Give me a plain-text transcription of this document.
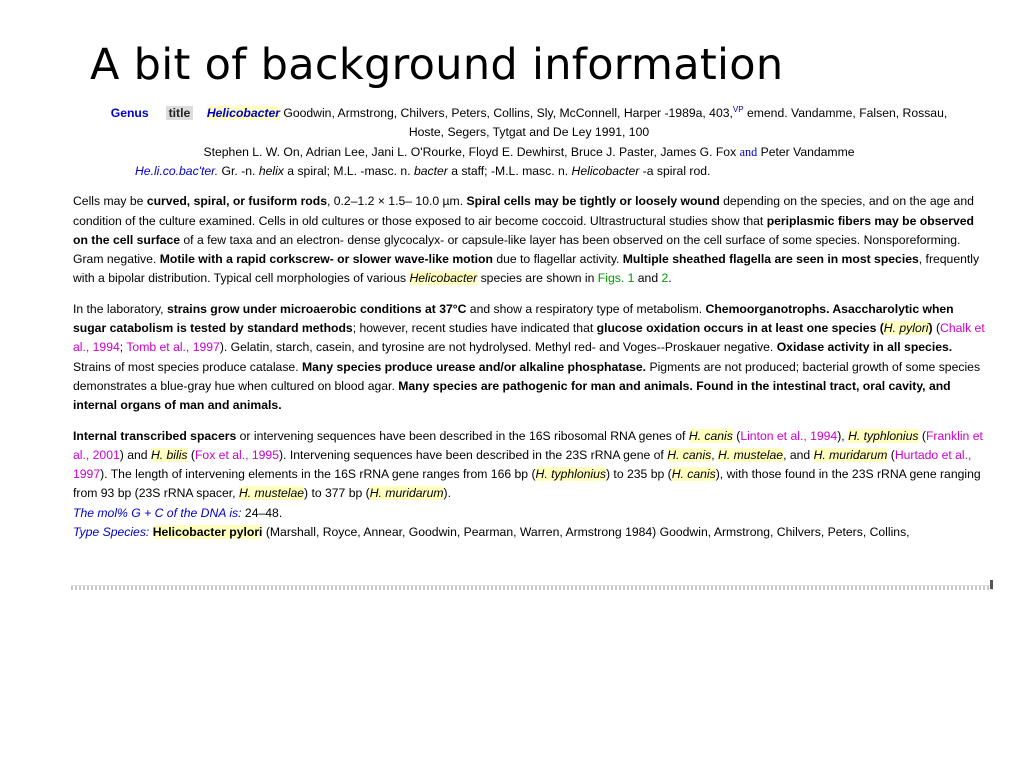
A bit of background information

Genus title Helicobacter Goodwin, Armstrong, Chilvers, Peters, Collins, Sly, McConnell, Harper -1989a, 403,$^{VP}$ emend. Vandamme, Falsen, Rossau,

Hoste, Segers, Tytgat and De Ley 1991, 100

Stephen L. W. On, Adrian Lee, Jani L. O'Rourke, Floyd E. Dewhirst, Bruce J. Paster, James G. Fox and Peter Vandamme

He.li.co.bac'ter. Gr. -n. helix a spiral; M.L. -masc. n. bacter a staff; -M.L. masc. n. Helicobacter -a spiral rod.

Cells may be curved, spiral, or fusiform rods, 0.2–1.2 × 1.5– 10.0 µm. Spiral cells may be tightly or loosely wound depending on the species, and on the age and condition of the culture examined. Cells in old cultures or those exposed to air become coccoid. Ultrastructural studies show that periplasmic fibers may be observed on the cell surface of a few taxa and an electron- dense glycocalyx- or capsule-like layer has been observed on the cell surface of some species. Nonsporeforming. Gram negative. Motile with a rapid corkscrew- or slower wave-like motion due to flagellar activity. Multiple sheathed flagella are seen in most species, frequently with a bipolar distribution. Typical cell morphologies of various Helicobacter species are shown in Figs. 1 and 2.

In the laboratory, strains grow under microaerobic conditions at 37°C and show a respiratory type of metabolism. Chemoorganotrophs. Asaccharolytic when sugar catabolism is tested by standard methods; however, recent studies have indicated that glucose oxidation occurs in at least one species (H. pylori) (Chalk et al., 1994; Tomb et al., 1997). Gelatin, starch, casein, and tyrosine are not hydrolysed. Methyl red- and Voges--Proskauer negative. Oxidase activity in all species. Strains of most species produce catalase. Many species produce urease and/or alkaline phosphatase. Pigments are not produced; bacterial growth of some species demonstrates a blue-gray hue when cultured on blood agar. Many species are pathogenic for man and animals. Found in the intestinal tract, oral cavity, and internal organs of man and animals.

Internal transcribed spacers or intervening sequences have been described in the 16S ribosomal RNA genes of H. canis (Linton et al., 1994), H. typhlonius (Franklin et al., 2001) and H. bilis (Fox et al., 1995). Intervening sequences have been described in the 23S rRNA gene of H. canis, H. mustelae, and H. muridarum (Hurtado et al., 1997). The length of intervening elements in the 16S rRNA gene ranges from 166 bp (H. typhlonius) to 235 bp (H. canis), with those found in the 23S rRNA gene ranging from 93 bp (23S rRNA spacer, H. mustelae) to 377 bp (H. muridarum).

The mol% G + C of the DNA is: 24–48.

Type Species: Helicobacter pylori (Marshall, Royce, Annear, Goodwin, Pearman, Warren, Armstrong 1984) Goodwin, Armstrong, Chilvers, Peters, Collins,
